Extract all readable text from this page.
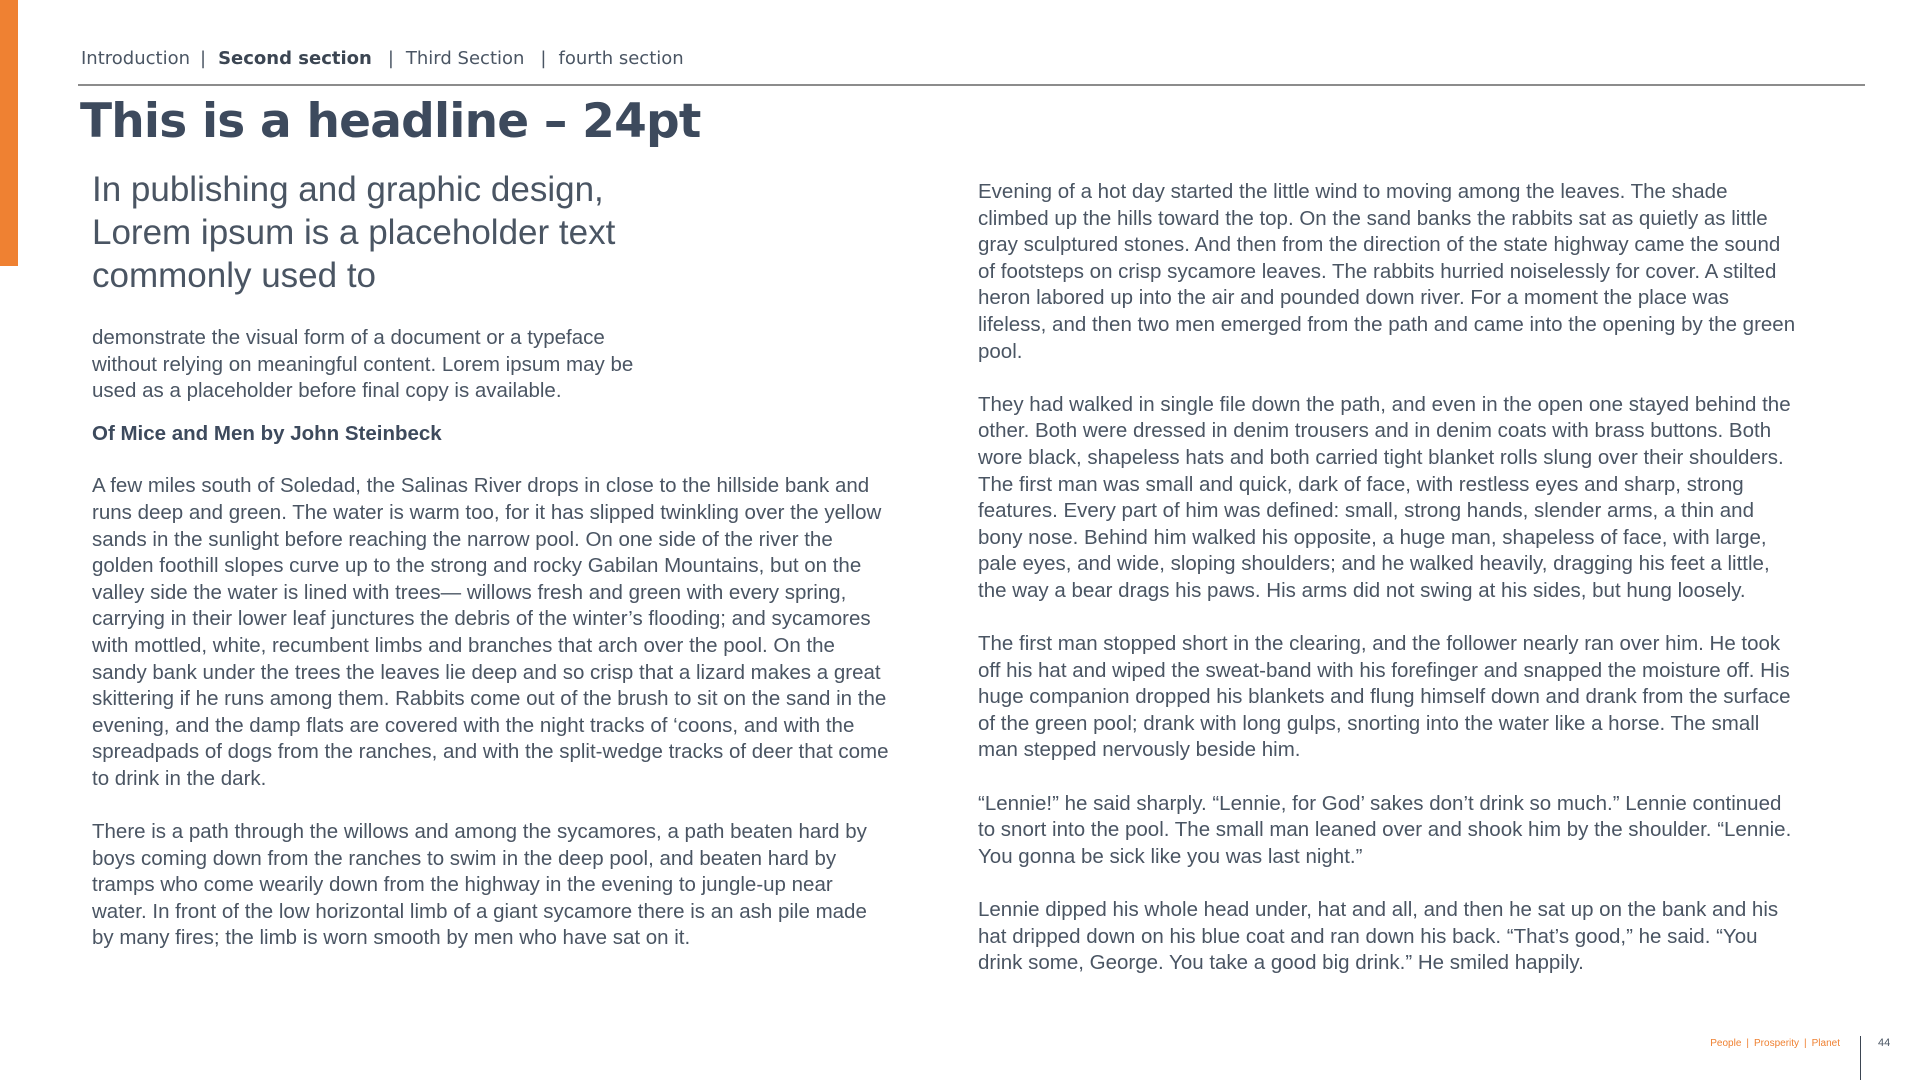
Introduction | Second section | Third Section | fourth section
This is a headline – 24pt

In publishing and graphic design,
Lorem ipsum is a placeholder text
commonly used to

demonstrate the visual form of a document or a typeface without relying on meaningful content. Lorem ipsum may be used as a placeholder before final copy is available.

Of Mice and Men by John Steinbeck

A few miles south of Soledad, the Salinas River drops in close to the hillside bank and runs deep and green. The water is warm too, for it has slipped twinkling over the yellow sands in the sunlight before reaching the narrow pool. On one side of the river the golden foothill slopes curve up to the strong and rocky Gabilan Mountains, but on the valley side the water is lined with trees— willows fresh and green with every spring, carrying in their lower leaf junctures the debris of the winter’s flooding; and sycamores with mottled, white, recumbent limbs and branches that arch over the pool. On the sandy bank under the trees the leaves lie deep and so crisp that a lizard makes a great skittering if he runs among them. Rabbits come out of the brush to sit on the sand in the evening, and the damp flats are covered with the night tracks of ‘coons, and with the spreadpads of dogs from the ranches, and with the split-wedge tracks of deer that come to drink in the dark.

There is a path through the willows and among the sycamores, a path beaten hard by boys coming down from the ranches to swim in the deep pool, and beaten hard by tramps who come wearily down from the highway in the evening to jungle-up near water. In front of the low horizontal limb of a giant sycamore there is an ash pile made by many fires; the limb is worn smooth by men who have sat on it.

Evening of a hot day started the little wind to moving among the leaves. The shade climbed up the hills toward the top. On the sand banks the rabbits sat as quietly as little gray sculptured stones. And then from the direction of the state highway came the sound of footsteps on crisp sycamore leaves. The rabbits hurried noiselessly for cover. A stilted heron labored up into the air and pounded down river. For a moment the place was lifeless, and then two men emerged from the path and came into the opening by the green pool.

They had walked in single file down the path, and even in the open one stayed behind the other. Both were dressed in denim trousers and in denim coats with brass buttons. Both wore black, shapeless hats and both carried tight blanket rolls slung over their shoulders. The first man was small and quick, dark of face, with restless eyes and sharp, strong features. Every part of him was defined: small, strong hands, slender arms, a thin and bony nose. Behind him walked his opposite, a huge man, shapeless of face, with large, pale eyes, and wide, sloping shoulders; and he walked heavily, dragging his feet a little, the way a bear drags his paws. His arms did not swing at his sides, but hung loosely.

The first man stopped short in the clearing, and the follower nearly ran over him. He took off his hat and wiped the sweat-band with his forefinger and snapped the moisture off. His huge companion dropped his blankets and flung himself down and drank from the surface of the green pool; drank with long gulps, snorting into the water like a horse. The small man stepped nervously beside him.

“Lennie!” he said sharply. “Lennie, for God’ sakes don’t drink so much.” Lennie continued to snort into the pool. The small man leaned over and shook him by the shoulder. “Lennie. You gonna be sick like you was last night.”

Lennie dipped his whole head under, hat and all, and then he sat up on the bank and his hat dripped down on his blue coat and ran down his back. “That’s good,” he said. “You drink some, George. You take a good big drink.” He smiled happily.

People | Prosperity | Planet	44
